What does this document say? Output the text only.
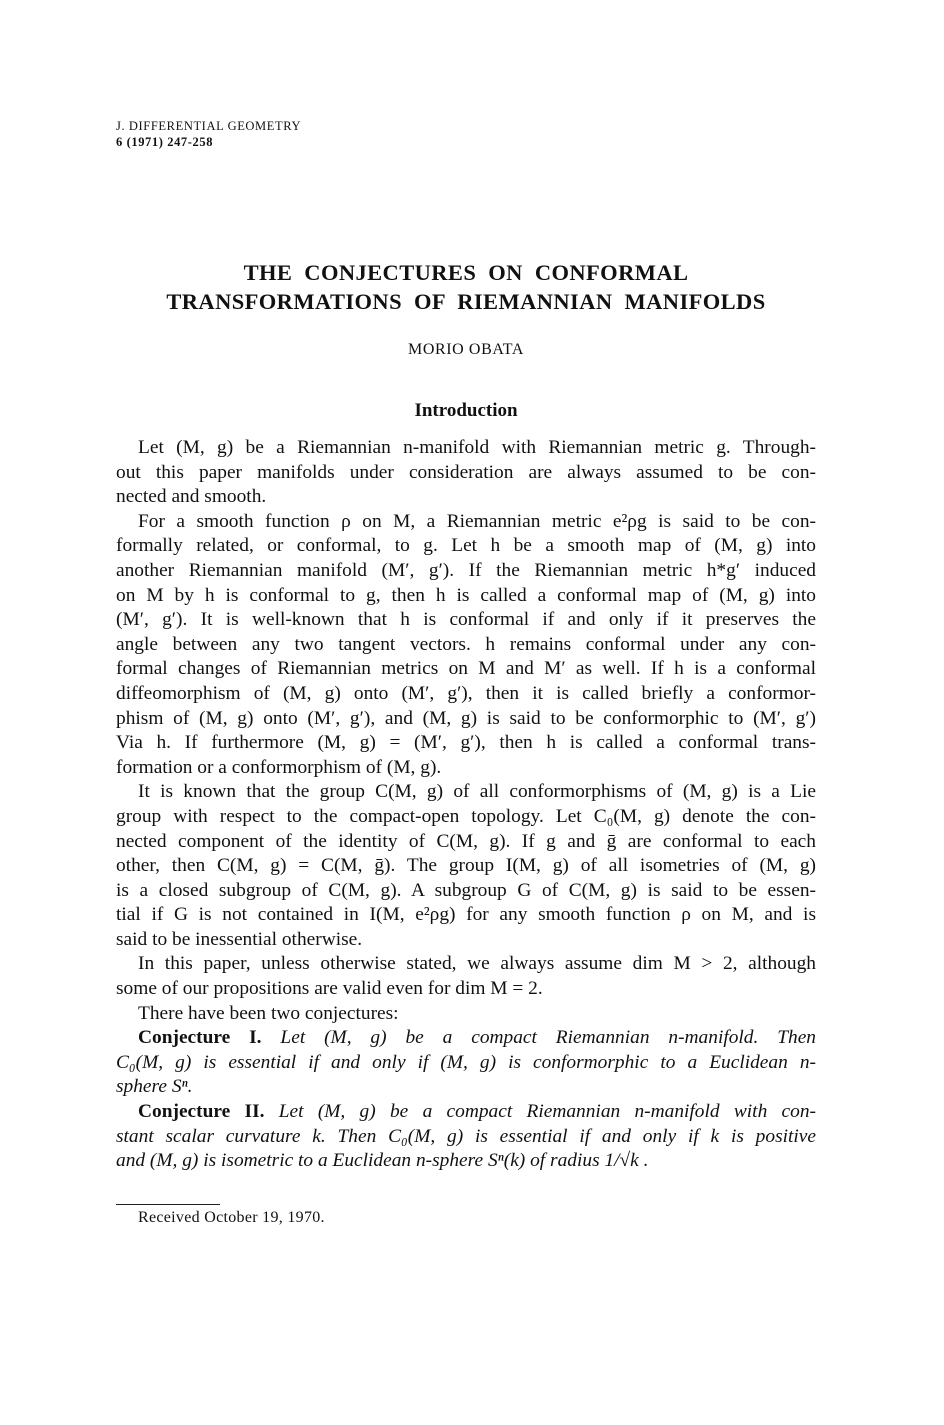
J. DIFFERENTIAL GEOMETRY
6 (1971) 247-258
THE CONJECTURES ON CONFORMAL
TRANSFORMATIONS OF RIEMANNIAN MANIFOLDS
MORIO OBATA
Introduction
Let (M, g) be a Riemannian n-manifold with Riemannian metric g. Through-
out this paper manifolds under consideration are always assumed to be con-
nected and smooth.
For a smooth function ρ on M, a Riemannian metric e²ρg is said to be con-
formally related, or conformal, to g. Let h be a smooth map of (M, g) into
another Riemannian manifold (M′, g′). If the Riemannian metric h*g′ induced
on M by h is conformal to g, then h is called a conformal map of (M, g) into
(M′, g′). It is well-known that h is conformal if and only if it preserves the
angle between any two tangent vectors. h remains conformal under any con-
formal changes of Riemannian metrics on M and M′ as well. If h is a conformal
diffeomorphism of (M, g) onto (M′, g′), then it is called briefly a conformor-
phism of (M, g) onto (M′, g′), and (M, g) is said to be conformorphic to (M′, g′)
Via h. If furthermore (M, g) = (M′, g′), then h is called a conformal trans-
formation or a conformorphism of (M, g).
It is known that the group C(M, g) of all conformorphisms of (M, g) is a Lie
group with respect to the compact-open topology. Let C₀(M, g) denote the con-
nected component of the identity of C(M, g). If g and ḡ are conformal to each
other, then C(M, g) = C(M, ḡ). The group I(M, g) of all isometries of (M, g)
is a closed subgroup of C(M, g). A subgroup G of C(M, g) is said to be essen-
tial if G is not contained in I(M, e²ρg) for any smooth function ρ on M, and is
said to be inessential otherwise.
In this paper, unless otherwise stated, we always assume dim M > 2, although
some of our propositions are valid even for dim M = 2.
There have been two conjectures:
Conjecture I. Let (M, g) be a compact Riemannian n-manifold. Then
C₀(M, g) is essential if and only if (M, g) is conformorphic to a Euclidean n-
sphere Sⁿ.
Conjecture II. Let (M, g) be a compact Riemannian n-manifold with con-
stant scalar curvature k. Then C₀(M, g) is essential if and only if k is positive
and (M, g) is isometric to a Euclidean n-sphere Sⁿ(k) of radius 1/√k .
Received October 19, 1970.
